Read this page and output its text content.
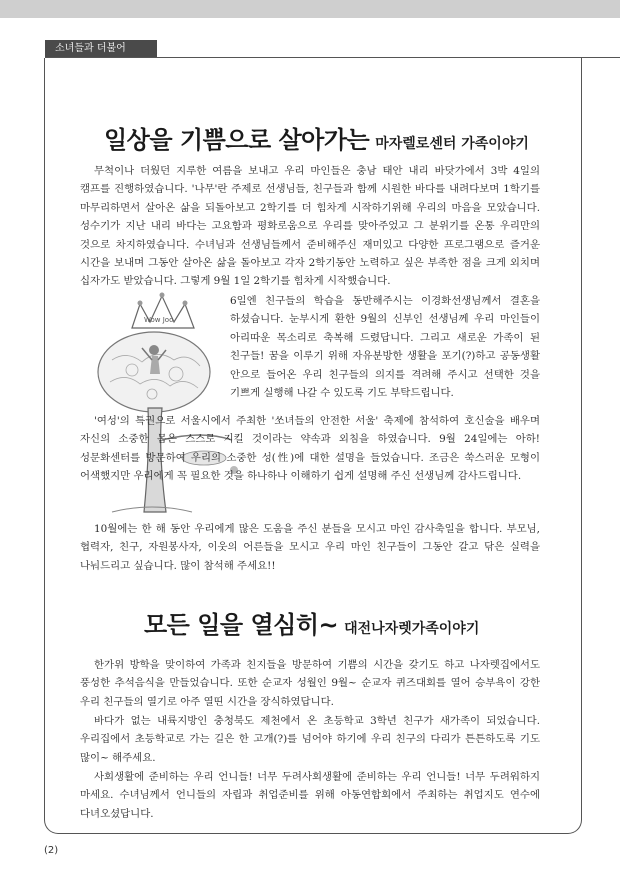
소녀들과 더불어
일상을 기쁨으로 살아가는 마자렐로센터 가족이야기

무척이나 더웠던 지루한 여름을 보내고 우리 마인들은 충남 태안 내리 바닷가에서 3박 4일의 캠프를 진행하였습니다. '나무'란 주제로 선생님들, 친구들과 함께 시원한 바다를 내려다보며 1학기를 마무리하면서 살아온 삶을 되돌아보고 2학기를 더 힘차게 시작하기위해 우리의 마음을 모았습니다. 성수기가 지난 내리 바다는 고요함과 평화로움으로 우리를 맞아주었고 그 분위기를 온통 우리만의 것으로 차지하였습니다. 수녀님과 선생님들께서 준비해주신 재미있고 다양한 프로그램으로 즐거운 시간을 보내며 그동안 살아온 삶을 돌아보고 각자 2학기동안 노력하고 싶은 부족한 점을 크게 외치며 십자가도 받았습니다. 그렇게 9월 1일 2학기를 힘차게 시작했습니다.

Wow Joo

6일엔 친구들의 학습을 동반해주시는 이경화선생님께서 결혼을 하셨습니다. 눈부시게 환한 9월의 신부인 선생님께 우리 마인들이 아리따운 목소리로 축복해 드렸답니다. 그리고 새로운 가족이 된 친구들! 꿈을 이루기 위해 자유분방한 생활을 포기(?)하고 공동생활 안으로 들어온 우리 친구들의 의지를 격려해 주시고 선택한 것을 기쁘게 실행해 나갈 수 있도록 기도 부탁드립니다.

'여성'의 특권으로 서울시에서 주최한 '쏘녀들의 안전한 서울' 축제에 참석하여 호신술을 배우며 자신의 소중한 몸은 스스로 지킬 것이라는 약속과 외침을 하였습니다. 9월 24일에는 아하! 성문화센터를 방문하여 우리의 소중한 성(性)에 대한 설명을 들었습니다. 조금은 쑥스러운 모형이 어색했지만 우리에게 꼭 필요한 것을 하나하나 이해하기 쉽게 설명해 주신 선생님께 감사드립니다.

10월에는 한 해 동안 우리에게 많은 도움을 주신 분들을 모시고 마인 감사축일을 합니다. 부모님, 협력자, 친구, 자원봉사자, 이웃의 어른들을 모시고 우리 마인 친구들이 그동안 갈고 닦은 실력을 나눠드리고 싶습니다. 많이 참석해 주세요!!

모든 일을 열심히~ 대전나자렛가족이야기

한가위 방학을 맞이하여 가족과 친지들을 방문하여 기쁨의 시간을 갖기도 하고 나자렛집에서도 풍성한 추석음식을 만들었습니다. 또한 순교자 성월인 9월~ 순교자 퀴즈대회를 열어 승부욕이 강한 우리 친구들의 열기로 아주 열띤 시간을 장식하였답니다.

바다가 없는 내륙지방인 충청북도 제천에서 온 초등학교 3학년 친구가 새가족이 되었습니다. 우리집에서 초등학교로 가는 길은 한 고개(?)를 넘어야 하기에 우리 친구의 다리가 튼튼하도록 기도 많이~ 해주세요.

사회생활에 준비하는 우리 언니들! 너무 두려사회생활에 준비하는 우리 언니들! 너무 두려워하지 마세요. 수녀님께서 언니들의 자립과 취업준비를 위해 아동연합회에서 주최하는 취업지도 연수에 다녀오셨답니다.

(2)
